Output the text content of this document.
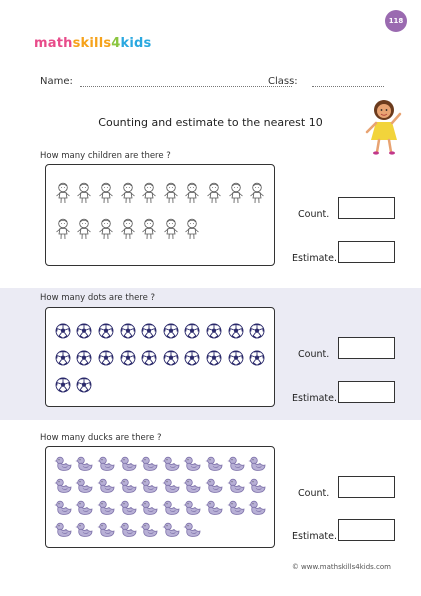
118
mathskills4kids
Name:	Class:
Counting and estimate to the nearest 10
How many children are there ?
Count.
Estimate.
How many dots are there ?
Count.
Estimate.
How many ducks are there ?
Count.
Estimate.
© www.mathskills4kids.com
